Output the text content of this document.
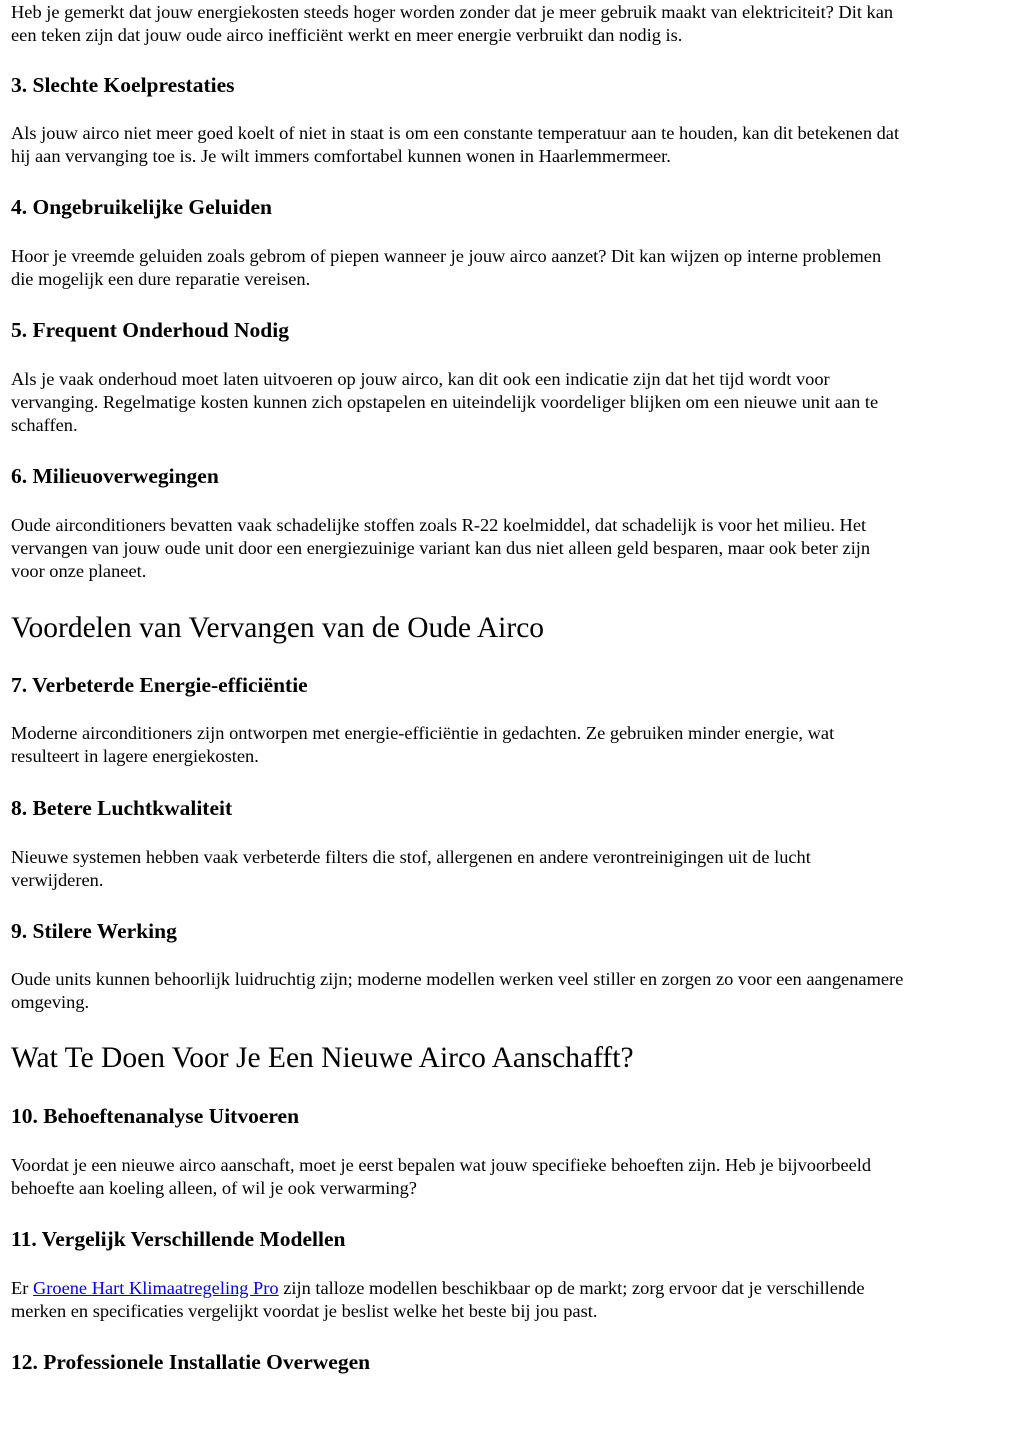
Heb je gemerkt dat jouw energiekosten steeds hoger worden zonder dat je meer gebruik maakt van elektriciteit? Dit kan
een teken zijn dat jouw oude airco inefficiënt werkt en meer energie verbruikt dan nodig is.

3. Slechte Koelprestaties

Als jouw airco niet meer goed koelt of niet in staat is om een constante temperatuur aan te houden, kan dit betekenen dat
hij aan vervanging toe is. Je wilt immers comfortabel kunnen wonen in Haarlemmermeer.

4. Ongebruikelijke Geluiden

Hoor je vreemde geluiden zoals gebrom of piepen wanneer je jouw airco aanzet? Dit kan wijzen op interne problemen
die mogelijk een dure reparatie vereisen.

5. Frequent Onderhoud Nodig

Als je vaak onderhoud moet laten uitvoeren op jouw airco, kan dit ook een indicatie zijn dat het tijd wordt voor
vervanging. Regelmatige kosten kunnen zich opstapelen en uiteindelijk voordeliger blijken om een nieuwe unit aan te
schaffen.

6. Milieuoverwegingen

Oude airconditioners bevatten vaak schadelijke stoffen zoals R-22 koelmiddel, dat schadelijk is voor het milieu. Het
vervangen van jouw oude unit door een energiezuinige variant kan dus niet alleen geld besparen, maar ook beter zijn
voor onze planeet.

Voordelen van Vervangen van de Oude Airco
7. Verbeterde Energie-efficiëntie

Moderne airconditioners zijn ontworpen met energie-efficiëntie in gedachten. Ze gebruiken minder energie, wat
resulteert in lagere energiekosten.

8. Betere Luchtkwaliteit

Nieuwe systemen hebben vaak verbeterde filters die stof, allergenen en andere verontreinigingen uit de lucht
verwijderen.

9. Stilere Werking

Oude units kunnen behoorlijk luidruchtig zijn; moderne modellen werken veel stiller en zorgen zo voor een aangenamere
omgeving.

Wat Te Doen Voor Je Een Nieuwe Airco Aanschafft?
10. Behoeftenanalyse Uitvoeren

Voordat je een nieuwe airco aanschaft, moet je eerst bepalen wat jouw specifieke behoeften zijn. Heb je bijvoorbeeld
behoefte aan koeling alleen, of wil je ook verwarming?

11. Vergelijk Verschillende Modellen

Er Groene Hart Klimaatregeling Pro zijn talloze modellen beschikbaar op de markt; zorg ervoor dat je verschillende
merken en specificaties vergelijkt voordat je beslist welke het beste bij jou past.

12. Professionele Installatie Overwegen
